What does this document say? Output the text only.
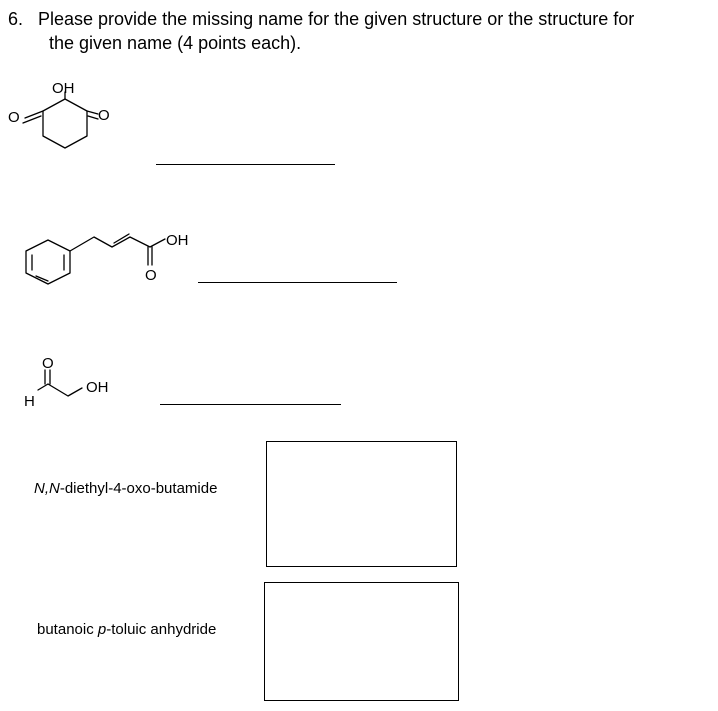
6. Please provide the missing name for the given structure or the structure for
the given name (4 points each).
OH
O	O
OH
O
O
H
OH
N,N-diethyl-4-oxo-butamide
butanoic p-toluic anhydride
